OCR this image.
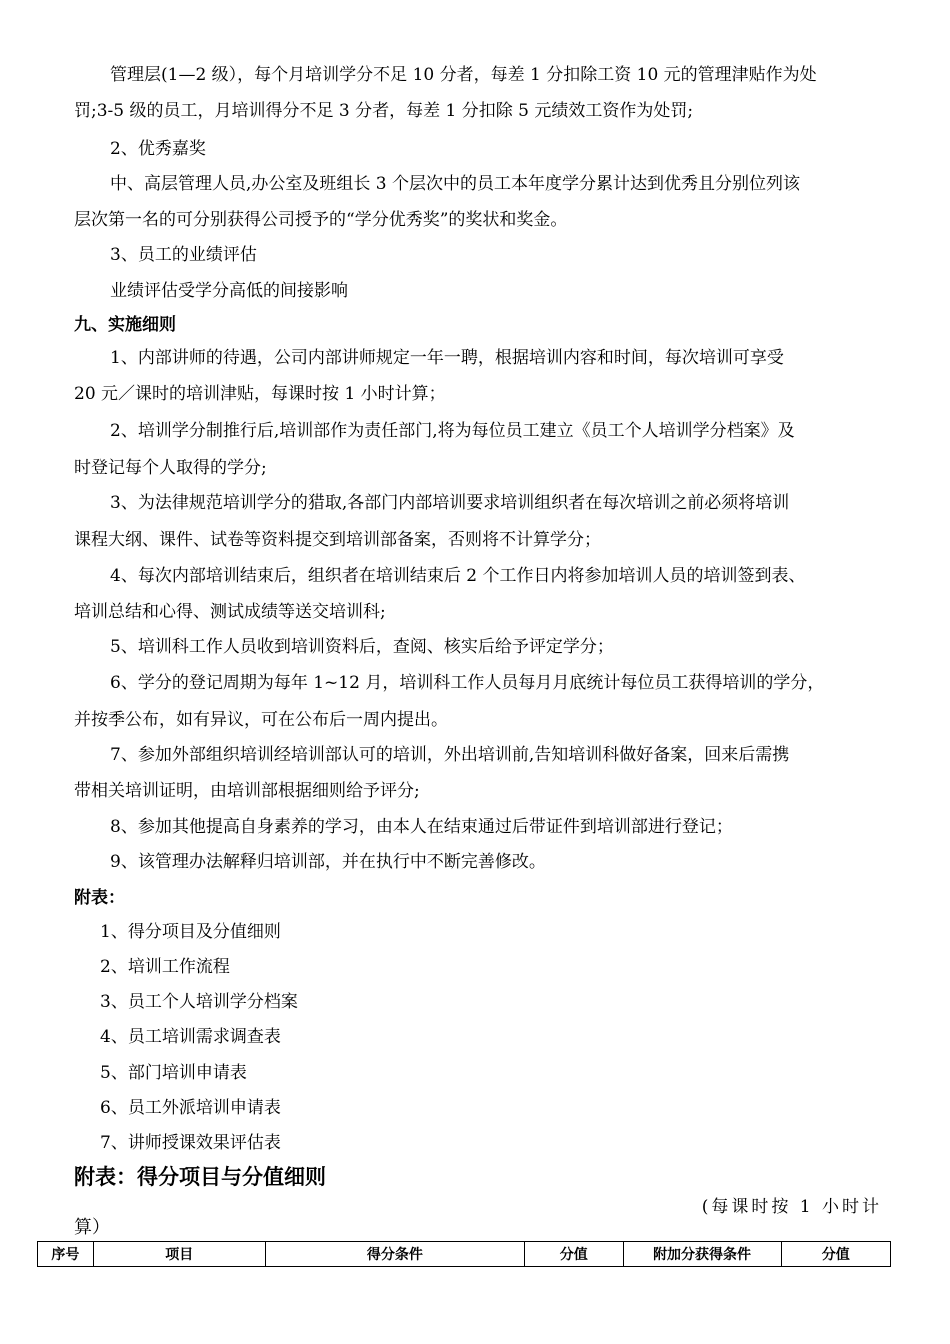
管理层(1—2 级），每个月培训学分不足 10 分者，每差 1 分扣除工资 10 元的管理津贴作为处
罚;3-5 级的员工，月培训得分不足 3 分者，每差 1 分扣除 5 元绩效工资作为处罚;
2、优秀嘉奖
中、高层管理人员,办公室及班组长 3 个层次中的员工本年度学分累计达到优秀且分别位列该
层次第一名的可分别获得公司授予的“学分优秀奖”的奖状和奖金。
3、员工的业绩评估
业绩评估受学分高低的间接影响
九、实施细则
1、内部讲师的待遇，公司内部讲师规定一年一聘，根据培训内容和时间，每次培训可享受
20 元／课时的培训津贴，每课时按 1 小时计算；
2、培训学分制推行后,培训部作为责任部门,将为每位员工建立《员工个人培训学分档案》及
时登记每个人取得的学分;
3、为法律规范培训学分的猎取,各部门内部培训要求培训组织者在每次培训之前必须将培训
课程大纲、课件、试卷等资料提交到培训部备案，否则将不计算学分；
4、每次内部培训结束后，组织者在培训结束后 2 个工作日内将参加培训人员的培训签到表、
培训总结和心得、测试成绩等送交培训科;
5、培训科工作人员收到培训资料后，查阅、核实后给予评定学分；
6、学分的登记周期为每年 1~12 月，培训科工作人员每月月底统计每位员工获得培训的学分，
并按季公布，如有异议，可在公布后一周内提出。
7、参加外部组织培训经培训部认可的培训，外出培训前,告知培训科做好备案，回来后需携
带相关培训证明，由培训部根据细则给予评分;
8、参加其他提高自身素养的学习，由本人在结束通过后带证件到培训部进行登记；
9、该管理办法解释归培训部，并在执行中不断完善修改。
附表：
1、得分项目及分值细则
2、培训工作流程
3、员工个人培训学分档案
4、员工培训需求调查表
5、部门培训申请表
6、员工外派培训申请表
7、讲师授课效果评估表
附表：得分项目与分值细则
(每课时按 1 小时计
算）
序号	项目	得分条件	分值	附加分获得条件	分值
